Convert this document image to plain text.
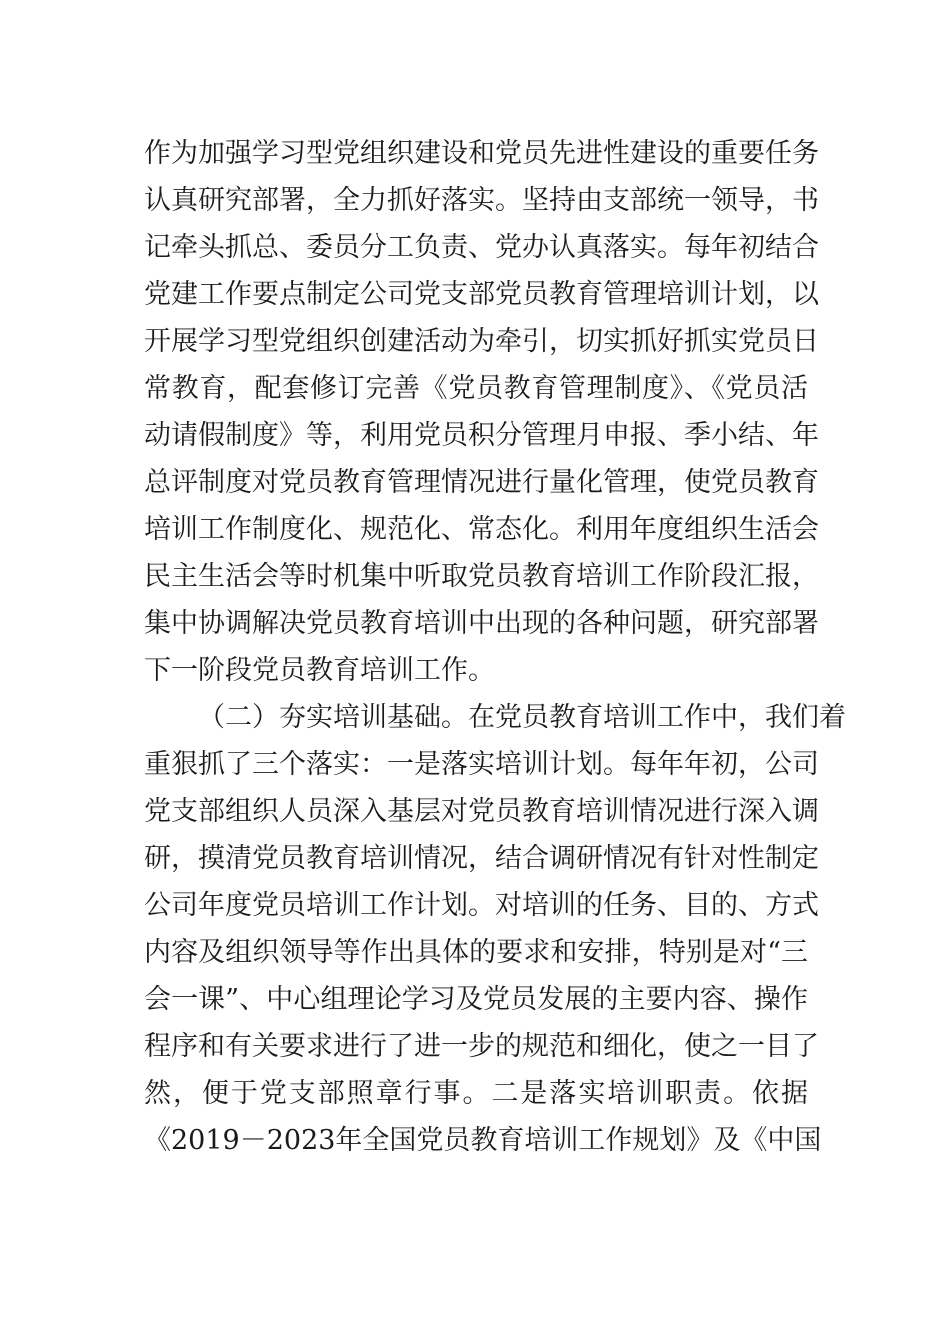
作为加强学习型党组织建设和党员先进性建设的重要任务
认真研究部署，全力抓好落实。坚持由支部统一领导，书
记牵头抓总、委员分工负责、党办认真落实。每年初结合
党建工作要点制定公司党支部党员教育管理培训计划，以
开展学习型党组织创建活动为牵引，切实抓好抓实党员日
常教育，配套修订完善《党员教育管理制度》、《党员活
动请假制度》等，利用党员积分管理月申报、季小结、年
总评制度对党员教育管理情况进行量化管理，使党员教育
培训工作制度化、规范化、常态化。利用年度组织生活会
民主生活会等时机集中听取党员教育培训工作阶段汇报，
集中协调解决党员教育培训中出现的各种问题，研究部署
下一阶段党员教育培训工作。
（二）夯实培训基础。在党员教育培训工作中，我们着
重狠抓了三个落实：一是落实培训计划。每年年初，公司
党支部组织人员深入基层对党员教育培训情况进行深入调
研，摸清党员教育培训情况，结合调研情况有针对性制定
公司年度党员培训工作计划。对培训的任务、目的、方式
内容及组织领导等作出具体的要求和安排，特别是对“三
会一课”、中心组理论学习及党员发展的主要内容、操作
程序和有关要求进行了进一步的规范和细化，使之一目了
然，便于党支部照章行事。二是落实培训职责。依据
《2019－2023年全国党员教育培训工作规划》及《中国
